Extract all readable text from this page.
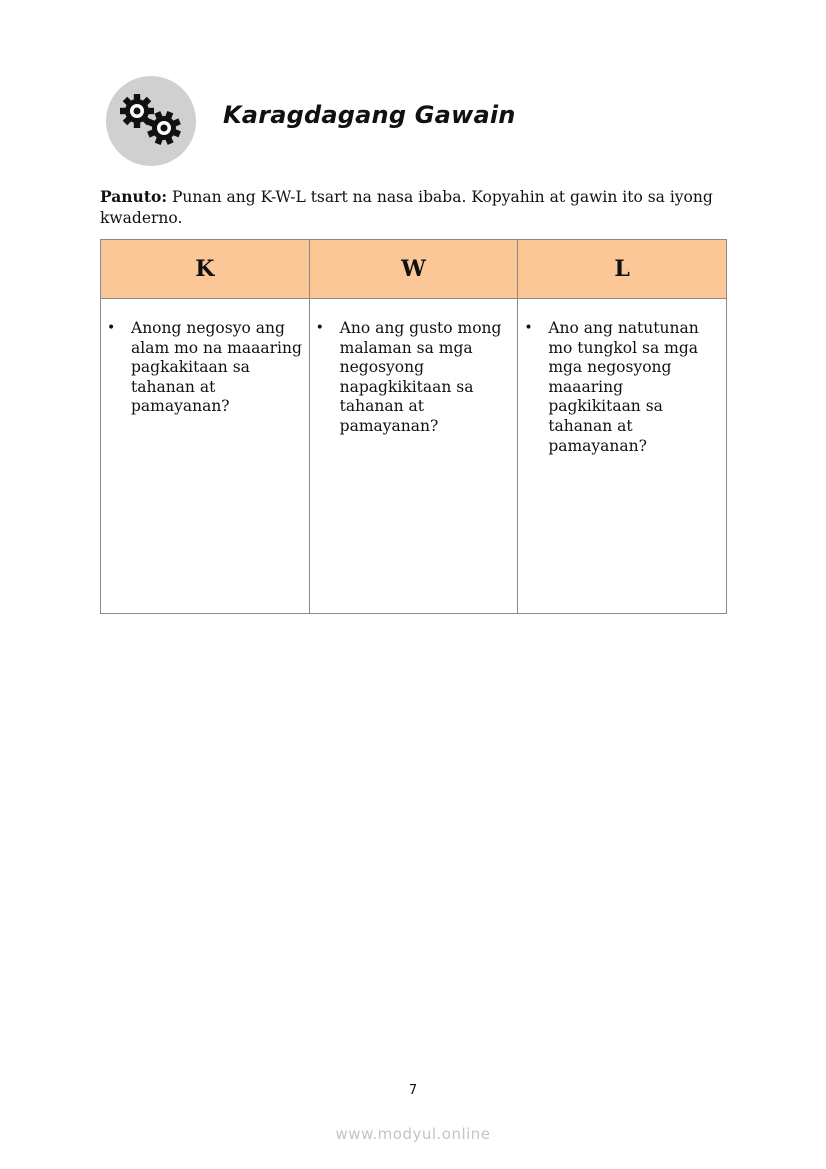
Karagdagang Gawain
Panuto: Punan ang K-W-L tsart na nasa ibaba. Kopyahin at gawin ito sa iyong kwaderno.
K	W	L

• Anong negosyo ang alam mo na maaaring pagkakitaan sa tahanan at pamayanan?	• Ano ang gusto mong malaman sa mga negosyong napagkikitaan sa tahanan at pamayanan?	• Ano ang natutunan mo tungkol sa mga mga negosyong maaaring pagkikitaan sa tahanan at pamayanan?
7
www.modyul.online
